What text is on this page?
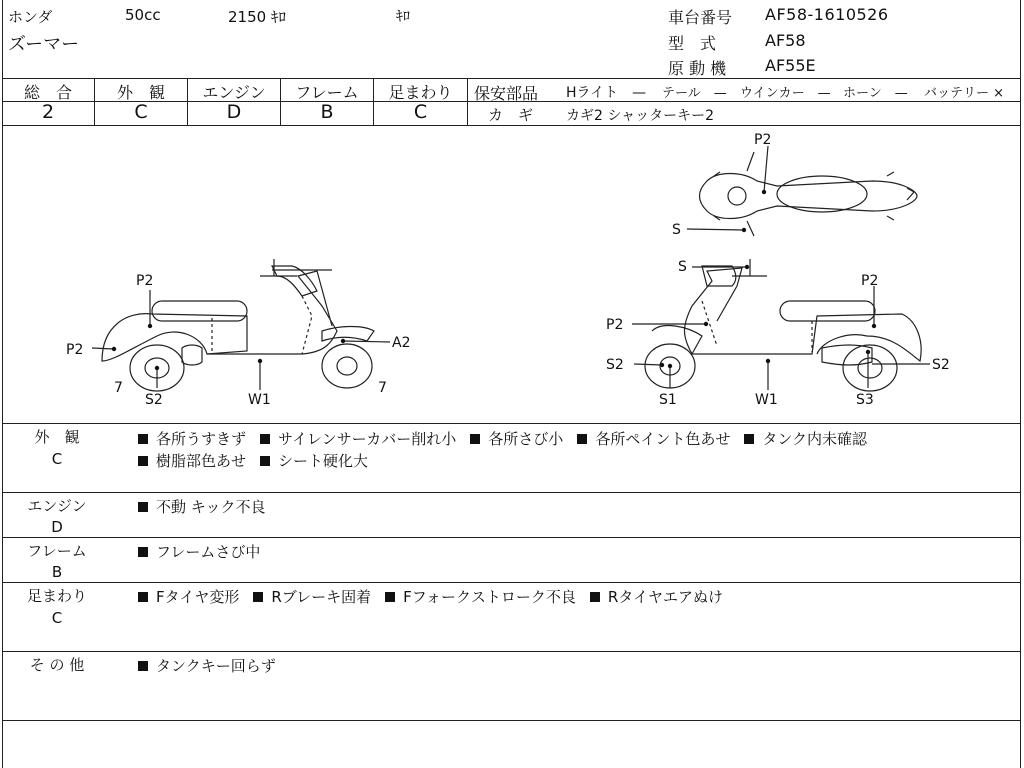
ホンダ	50cc	2150 ｷﾛ	ｷﾛ
ズーマー
車台番号 AF58-1610526
型　式	AF58
原 動 機 AF55E
総　合	外　観	エンジン	フレーム	足まわり
2	C	D	B	C
保安部品 Hライト　— テール　— ウインカー　— ホーン　— バッテリー ×
カ　ギ カギ2 シャッターキー2
P2
S
P2
P2
7
S2	W1
A2
7
S
P2
P2
S2
S1	W1	S3
S2
外　観
C
各所うすきず サイレンサーカバー削れ小 各所さび小 各所ペイント色あせ タンク内未確認
樹脂部色あせ シート硬化大
エンジン
D
不動 キック不良
フレーム
B
フレームさび中
足まわり
C
Fタイヤ変形 Rブレーキ固着 Fフォークストローク不良 Rタイヤエアぬけ
そ の 他	タンクキー回らず
